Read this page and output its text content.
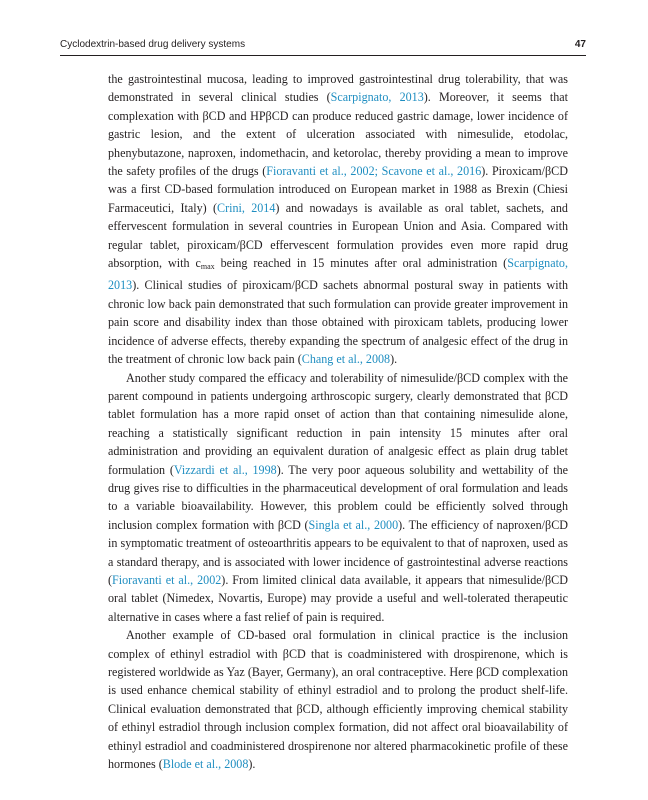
Cyclodextrin-based drug delivery systems	47

the gastrointestinal mucosa, leading to improved gastrointestinal drug tolerability, that was demonstrated in several clinical studies (Scarpignato, 2013). Moreover, it seems that complexation with βCD and HPβCD can produce reduced gastric damage, lower incidence of gastric lesion, and the extent of ulceration associated with nimesulide, etodolac, phenybutazone, naproxen, indomethacin, and ketorolac, thereby providing a mean to improve the safety profiles of the drugs (Fioravanti et al., 2002; Scavone et al., 2016). Piroxicam/βCD was a first CD-based formulation introduced on European market in 1988 as Brexin (Chiesi Farmaceutici, Italy) (Crini, 2014) and nowadays is available as oral tablet, sachets, and effervescent formulation in several countries in European Union and Asia. Compared with regular tablet, piroxicam/βCD effervescent formulation provides even more rapid drug absorption, with $c_{max}$ being reached in 15 minutes after oral administration (Scarpignato, 2013). Clinical studies of piroxicam/βCD sachets abnormal postural sway in patients with chronic low back pain demonstrated that such formulation can provide greater improvement in pain score and disability index than those obtained with piroxicam tablets, producing lower incidence of adverse effects, thereby expanding the spectrum of analgesic effect of the drug in the treatment of chronic low back pain (Chang et al., 2008).

Another study compared the efficacy and tolerability of nimesulide/βCD complex with the parent compound in patients undergoing arthroscopic surgery, clearly demonstrated that βCD tablet formulation has a more rapid onset of action than that containing nimesulide alone, reaching a statistically significant reduction in pain intensity 15 minutes after oral administration and providing an equivalent duration of analgesic effect as plain drug tablet formulation (Vizzardi et al., 1998). The very poor aqueous solubility and wettability of the drug gives rise to difficulties in the pharmaceutical development of oral formulation and leads to a variable bioavailability. However, this problem could be efficiently solved through inclusion complex formation with βCD (Singla et al., 2000). The efficiency of naproxen/βCD in symptomatic treatment of osteoarthritis appears to be equivalent to that of naproxen, used as a standard therapy, and is associated with lower incidence of gastrointestinal adverse reactions (Fioravanti et al., 2002). From limited clinical data available, it appears that nimesulide/βCD oral tablet (Nimedex, Novartis, Europe) may provide a useful and well-tolerated therapeutic alternative in cases where a fast relief of pain is required.

Another example of CD-based oral formulation in clinical practice is the inclusion complex of ethinyl estradiol with βCD that is coadministered with drospirenone, which is registered worldwide as Yaz (Bayer, Germany), an oral contraceptive. Here βCD complexation is used enhance chemical stability of ethinyl estradiol and to prolong the product shelf-life. Clinical evaluation demonstrated that βCD, although efficiently improving chemical stability of ethinyl estradiol through inclusion complex formation, did not affect oral bioavailability of ethinyl estradiol and coadministered drospirenone nor altered pharmacokinetic profile of these hormones (Blode et al., 2008).
